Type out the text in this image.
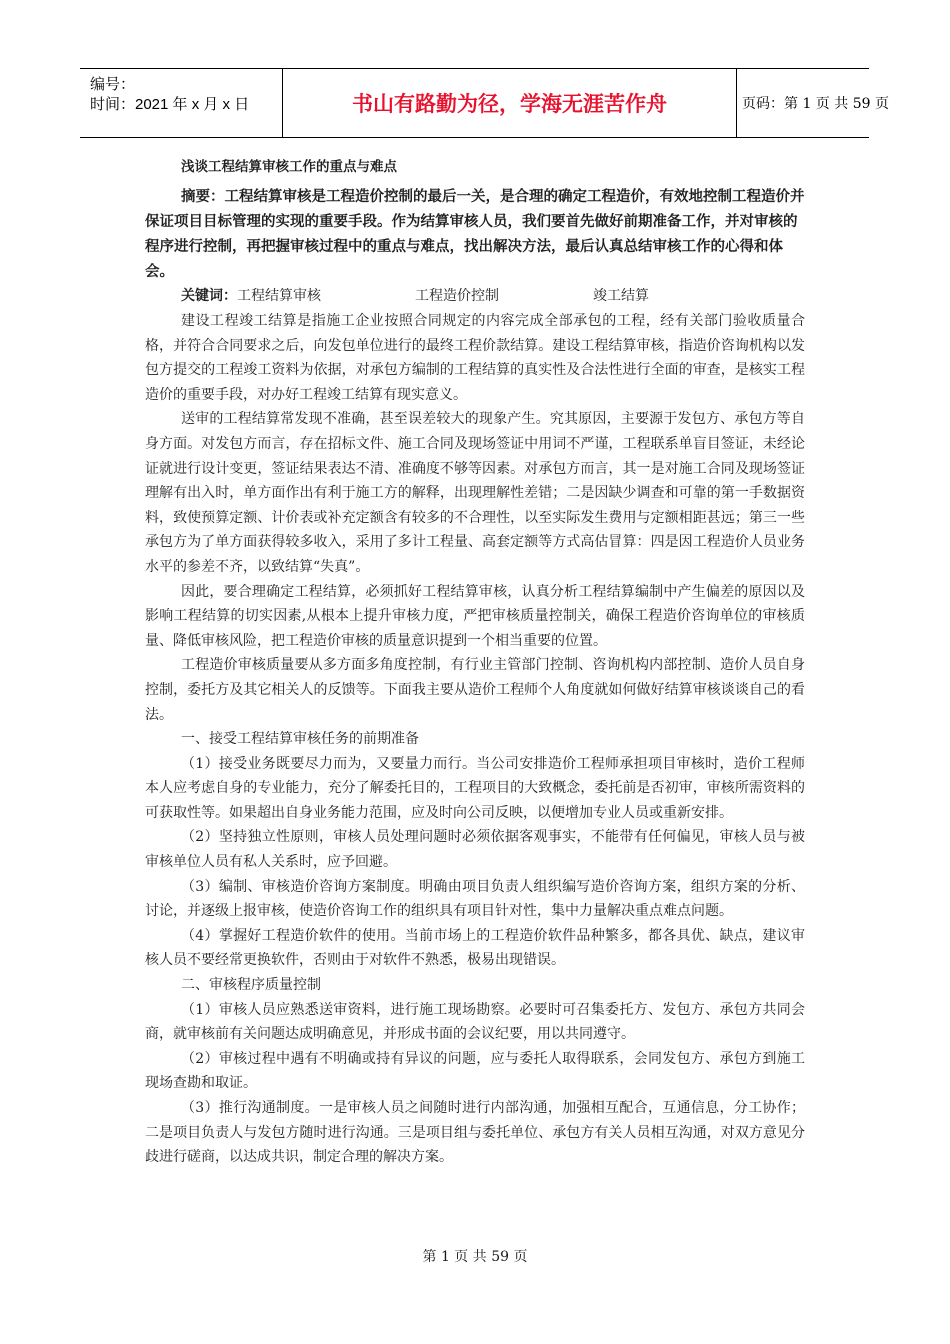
编号：
时间：2021 年 x 月 x 日	书山有路勤为径，学海无涯苦作舟	页码：第 1 页 共 59 页

浅谈工程结算审核工作的重点与难点

摘要：工程结算审核是工程造价控制的最后一关，是合理的确定工程造价，有效地控制工程造价并保证项目目标管理的实现的重要手段。作为结算审核人员，我们要首先做好前期准备工作，并对审核的程序进行控制，再把握审核过程中的重点与难点，找出解决方法，最后认真总结审核工作的心得和体会。

关键词：工程结算审核	工程造价控制	竣工结算

建设工程竣工结算是指施工企业按照合同规定的内容完成全部承包的工程，经有关部门验收质量合格，并符合合同要求之后，向发包单位进行的最终工程价款结算。建设工程结算审核，指造价咨询机构以发包方提交的工程竣工资料为依据，对承包方编制的工程结算的真实性及合法性进行全面的审查，是核实工程造价的重要手段，对办好工程竣工结算有现实意义。

送审的工程结算常发现不准确，甚至误差较大的现象产生。究其原因，主要源于发包方、承包方等自身方面。对发包方而言，存在招标文件、施工合同及现场签证中用词不严谨，工程联系单盲目签证，未经论证就进行设计变更，签证结果表达不清、准确度不够等因素。对承包方而言，其一是对施工合同及现场签证理解有出入时，单方面作出有利于施工方的解释，出现理解性差错；二是因缺少调查和可靠的第一手数据资料，致使预算定额、计价表或补充定额含有较多的不合理性，以至实际发生费用与定额相距甚远；第三一些承包方为了单方面获得较多收入，采用了多计工程量、高套定额等方式高估冒算：四是因工程造价人员业务水平的参差不齐，以致结算“失真”。

因此，要合理确定工程结算，必须抓好工程结算审核，认真分析工程结算编制中产生偏差的原因以及影响工程结算的切实因素,从根本上提升审核力度，严把审核质量控制关，确保工程造价咨询单位的审核质量、降低审核风险，把工程造价审核的质量意识提到一个相当重要的位置。

工程造价审核质量要从多方面多角度控制，有行业主管部门控制、咨询机构内部控制、造价人员自身控制，委托方及其它相关人的反馈等。下面我主要从造价工程师个人角度就如何做好结算审核谈谈自己的看法。

一、接受工程结算审核任务的前期准备

（1）接受业务既要尽力而为，又要量力而行。当公司安排造价工程师承担项目审核时，造价工程师本人应考虑自身的专业能力，充分了解委托目的，工程项目的大致概念，委托前是否初审，审核所需资料的可获取性等。如果超出自身业务能力范围，应及时向公司反映，以便增加专业人员或重新安排。

（2）坚持独立性原则，审核人员处理问题时必须依据客观事实，不能带有任何偏见，审核人员与被审核单位人员有私人关系时，应予回避。

（3）编制、审核造价咨询方案制度。明确由项目负责人组织编写造价咨询方案，组织方案的分析、讨论，并逐级上报审核，使造价咨询工作的组织具有项目针对性，集中力量解决重点难点问题。

（4）掌握好工程造价软件的使用。当前市场上的工程造价软件品种繁多，都各具优、缺点，建议审核人员不要经常更换软件，否则由于对软件不熟悉，极易出现错误。

二、审核程序质量控制

（1）审核人员应熟悉送审资料，进行施工现场勘察。必要时可召集委托方、发包方、承包方共同会商，就审核前有关问题达成明确意见，并形成书面的会议纪要，用以共同遵守。

（2）审核过程中遇有不明确或持有异议的问题，应与委托人取得联系，会同发包方、承包方到施工现场查勘和取证。

（3）推行沟通制度。一是审核人员之间随时进行内部沟通，加强相互配合，互通信息，分工协作；二是项目负责人与发包方随时进行沟通。三是项目组与委托单位、承包方有关人员相互沟通，对双方意见分歧进行磋商，以达成共识，制定合理的解决方案。

第 1 页 共 59 页
